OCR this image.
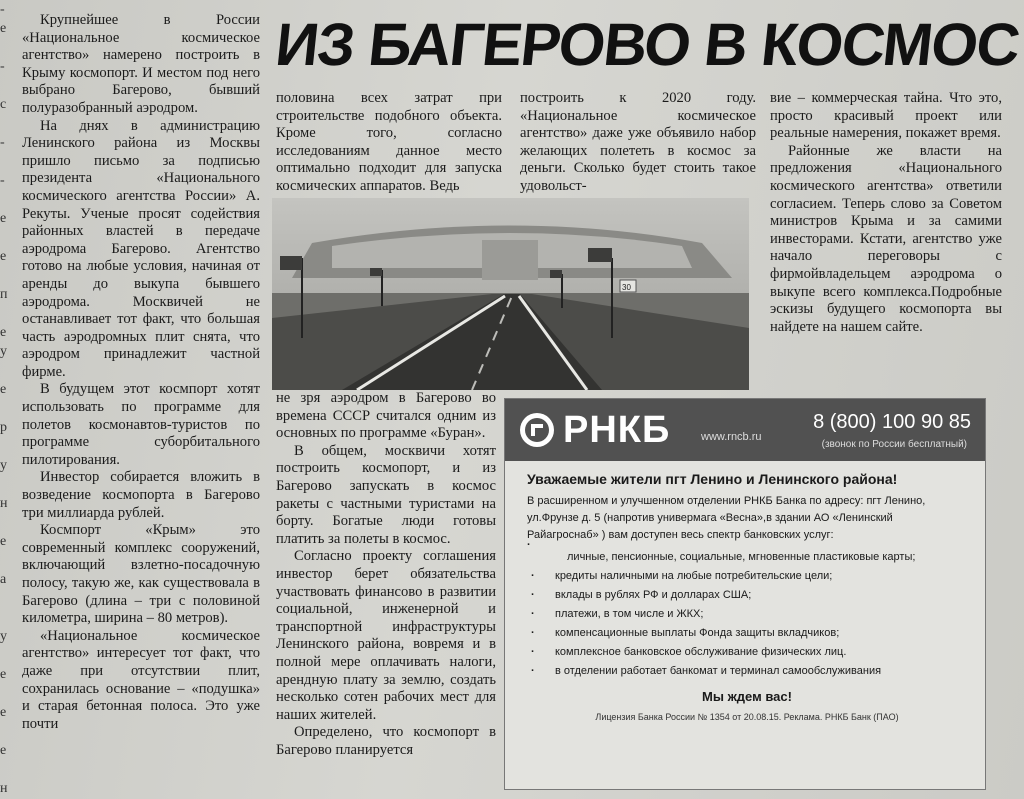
-
е

-

с

-

-

е

е

п

е
у

е

р

у

н

е

а

у

е

е

е

н

ИЗ БАГЕРОВО В КОСМОС

Крупнейшее в России «Национальное космическое агентство» намерено построить в Крыму космопорт. И местом под него выбрано Багерово, бывший полуразобранный аэродром.

На днях в администрацию Ленинского района из Москвы пришло письмо за подписью президента «Национального космического агентства России» А. Рекуты. Ученые просят содействия районных властей в передаче аэродрома Багерово. Агентство готово на любые условия, начиная от аренды до выкупа бывшего аэродрома. Москвичей не останавливает тот факт, что большая часть аэродромных плит снята, что аэродром принадлежит частной фирме.

В будущем этот космпорт хотят использовать по программе для полетов космонавтов-туристов по программе суборбитального пилотирования.

Инвестор собирается вложить в возведение космопорта в Багерово три миллиарда рублей.

Космпорт «Крым» это современный комплекс сооружений, включающий взлетно-посадочную полосу, такую же, как существовала в Багерово (длина – три с половиной километра, ширина – 80 метров).

«Национальное космическое агентство» интересует тот факт, что даже при отсутствии плит, сохранилась основание – «подушка» и старая бетонная полоса. Это уже почти

половина всех затрат при строительстве подобного объекта. Кроме того, согласно исследованиям данное место оптимально подходит для запуска космических аппаратов. Ведь

построить к 2020 году. «Национальное космическое агентство» даже уже объявило набор желающих полететь в космос за деньги. Сколько будет стоить такое удовольст-

30

вие – коммерческая тайна. Что это, просто красивый проект или реальные намерения, покажет время.

Районные же власти на предложения «Национального космического агентства» ответили согласием. Теперь слово за Советом министров Крыма и за самими инвесторами. Кстати, агентство уже начало переговоры с фирмойвладельцем аэродрома о выкупе всего комплекса.Подробные эскизы будущего космопорта вы найдете на нашем сайте.

не зря аэродром в Багерово во времена СССР считался одним из основных по программе «Буран».

В общем, москвичи хотят построить космопорт, и из Багерово запускать в космос ракеты с частными туристами на борту. Богатые люди готовы платить за полеты в космос.

Согласно проекту соглашения инвестор берет обязательства участвовать финансово в развитии социальной, инженерной и транспортной инфраструктуры Ленинского района, вовремя и в полной мере оплачивать налоги, арендную плату за землю, создать несколько сотен рабочих мест для наших жителей.

Определено, что космопорт в Багерово планируется

РНКБ	www.rncb.ru
8 (800) 100 90 85
(звонок по России бесплатный)
Уважаемые жители пгт Ленино и Ленинского района!
В расширенном и улучшенном отделении РНКБ Банка по адресу: пгт Ленино, ул.Фрунзе д. 5 (напротив универмага «Весна»,в здании АО «Ленинский Райагроснаб» ) вам доступен весь спектр банковских услуг:
· личные, пенсионные, социальные, мгновенные пластиковые карты;
· кредиты наличными на любые потребительские цели;
· вклады в рублях РФ и долларах США;
· платежи, в том числе и ЖКХ;
· компенсационные выплаты Фонда защиты вкладчиков;
· комплексное банковское обслуживание физических лиц.
· в отделении работает банкомат и терминал самообслуживания
Мы ждем вас!
Лицензия Банка России № 1354 от 20.08.15. Реклама. РНКБ Банк (ПАО)
